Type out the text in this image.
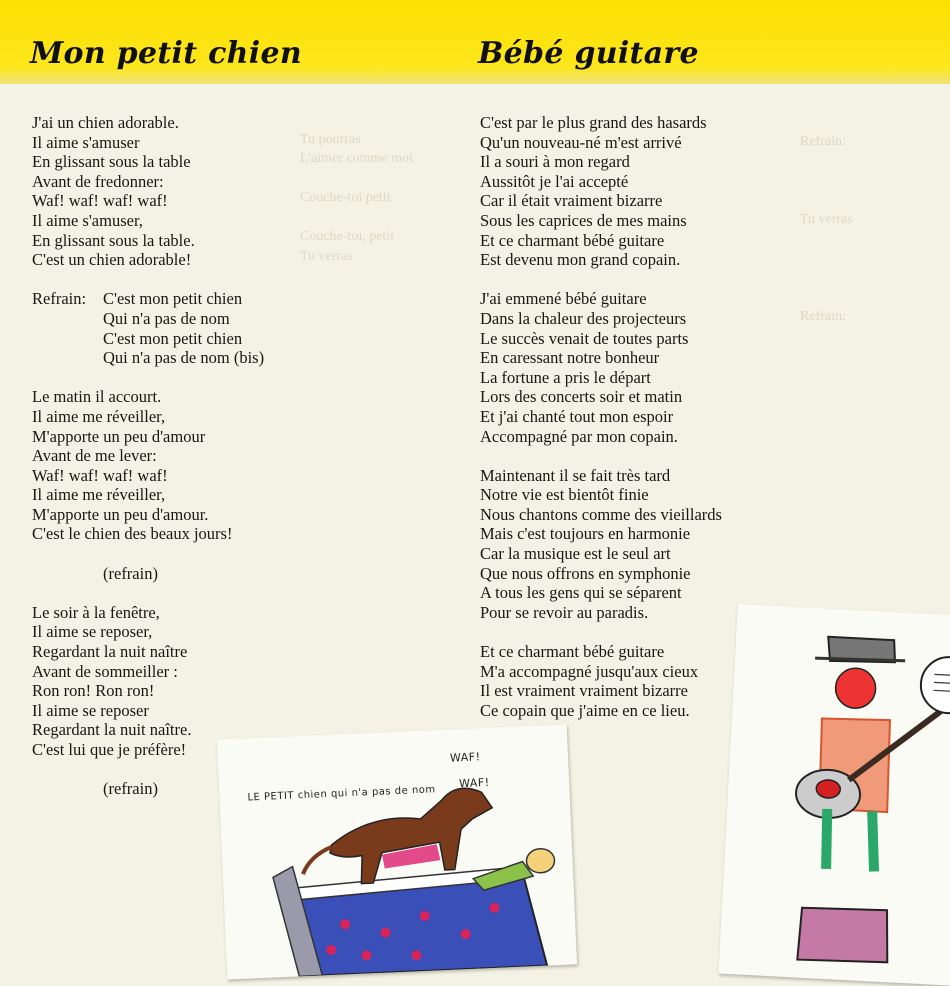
Mon petit chien	Bébé guitare

Tu pourras
L'aimer comme moi

Couche-toi petit

Couche-toi, petit
Tu verras

Refrain:

Tu verras

Refrain:

J'ai un chien adorable.
Il aime s'amuser
En glissant sous la table
Avant de fredonner:
Waf! waf! waf! waf!
Il aime s'amuser,
En glissant sous la table.
C'est un chien adorable!
Refrain: C'est mon petit chien
Qui n'a pas de nom
C'est mon petit chien
Qui n'a pas de nom (bis)
Le matin il accourt.
Il aime me réveiller,
M'apporte un peu d'amour
Avant de me lever:
Waf! waf! waf! waf!
Il aime me réveiller,
M'apporte un peu d'amour.
C'est le chien des beaux jours!
(refrain)
Le soir à la fenêtre,
Il aime se reposer,
Regardant la nuit naître
Avant de sommeiller :
Ron ron! Ron ron!
Il aime se reposer
Regardant la nuit naître.
C'est lui que je préfère!
(refrain)
C'est par le plus grand des hasards
Qu'un nouveau-né m'est arrivé
Il a souri à mon regard
Aussitôt je l'ai accepté
Car il était vraiment bizarre
Sous les caprices de mes mains
Et ce charmant bébé guitare
Est devenu mon grand copain.
J'ai emmené bébé guitare
Dans la chaleur des projecteurs
Le succès venait de toutes parts
En caressant notre bonheur
La fortune a pris le départ
Lors des concerts soir et matin
Et j'ai chanté tout mon espoir
Accompagné par mon copain.
Maintenant il se fait très tard
Notre vie est bientôt finie
Nous chantons comme des vieillards
Mais c'est toujours en harmonie
Car la musique est le seul art
Que nous offrons en symphonie
A tous les gens qui se séparent
Pour se revoir au paradis.
Et ce charmant bébé guitare
M'a accompagné jusqu'aux cieux
Il est vraiment vraiment bizarre
Ce copain que j'aime en ce lieu.
LE PETIT chien qui n'a pas de nom
WAF!
WAF!
